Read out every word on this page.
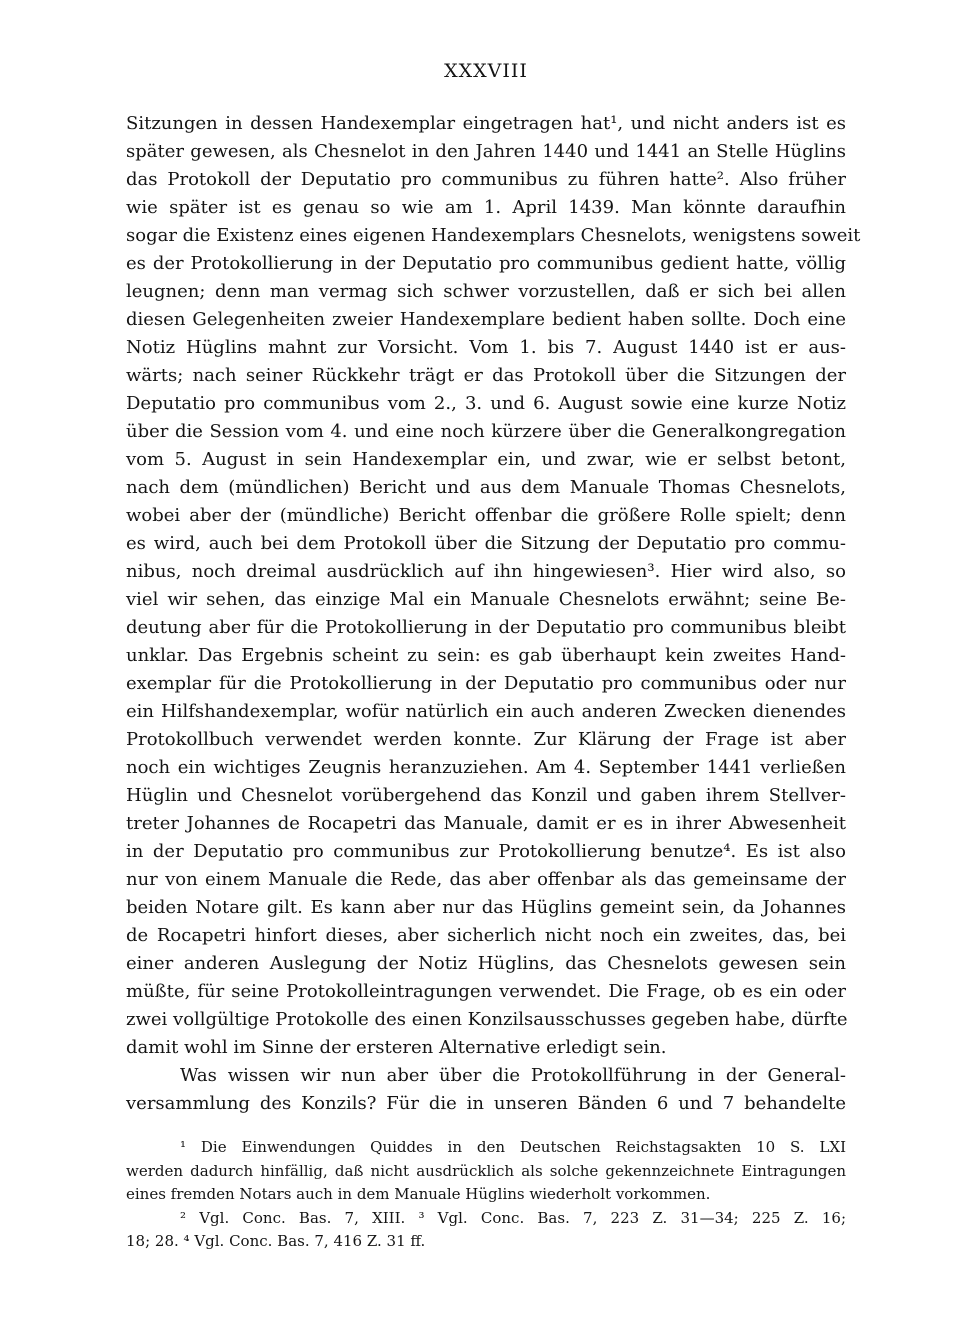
XXXVIII
Sitzungen in dessen Handexemplar eingetragen hat¹, und nicht anders ist es
später gewesen, als Chesnelot in den Jahren 1440 und 1441 an Stelle Hüglins
das Protokoll der Deputatio pro communibus zu führen hatte². Also früher
wie später ist es genau so wie am 1. April 1439. Man könnte daraufhin
sogar die Existenz eines eigenen Handexemplars Chesnelots, wenigstens soweit
es der Protokollierung in der Deputatio pro communibus gedient hatte, völlig
leugnen; denn man vermag sich schwer vorzustellen, daß er sich bei allen
diesen Gelegenheiten zweier Handexemplare bedient haben sollte. Doch eine
Notiz Hüglins mahnt zur Vorsicht. Vom 1. bis 7. August 1440 ist er aus-
wärts; nach seiner Rückkehr trägt er das Protokoll über die Sitzungen der
Deputatio pro communibus vom 2., 3. und 6. August sowie eine kurze Notiz
über die Session vom 4. und eine noch kürzere über die Generalkongregation
vom 5. August in sein Handexemplar ein, und zwar, wie er selbst betont,
nach dem (mündlichen) Bericht und aus dem Manuale Thomas Chesnelots,
wobei aber der (mündliche) Bericht offenbar die größere Rolle spielt; denn
es wird, auch bei dem Protokoll über die Sitzung der Deputatio pro commu-
nibus, noch dreimal ausdrücklich auf ihn hingewiesen³. Hier wird also, so
viel wir sehen, das einzige Mal ein Manuale Chesnelots erwähnt; seine Be-
deutung aber für die Protokollierung in der Deputatio pro communibus bleibt
unklar. Das Ergebnis scheint zu sein: es gab überhaupt kein zweites Hand-
exemplar für die Protokollierung in der Deputatio pro communibus oder nur
ein Hilfshandexemplar, wofür natürlich ein auch anderen Zwecken dienendes
Protokollbuch verwendet werden konnte. Zur Klärung der Frage ist aber
noch ein wichtiges Zeugnis heranzuziehen. Am 4. September 1441 verließen
Hüglin und Chesnelot vorübergehend das Konzil und gaben ihrem Stellver-
treter Johannes de Rocapetri das Manuale, damit er es in ihrer Abwesenheit
in der Deputatio pro communibus zur Protokollierung benutze⁴. Es ist also
nur von einem Manuale die Rede, das aber offenbar als das gemeinsame der
beiden Notare gilt. Es kann aber nur das Hüglins gemeint sein, da Johannes
de Rocapetri hinfort dieses, aber sicherlich nicht noch ein zweites, das, bei
einer anderen Auslegung der Notiz Hüglins, das Chesnelots gewesen sein
müßte, für seine Protokolleintragungen verwendet. Die Frage, ob es ein oder
zwei vollgültige Protokolle des einen Konzilsausschusses gegeben habe, dürfte
damit wohl im Sinne der ersteren Alternative erledigt sein.
Was wissen wir nun aber über die Protokollführung in der General-
versammlung des Konzils? Für die in unseren Bänden 6 und 7 behandelte
¹ Die Einwendungen Quiddes in den Deutschen Reichstagsakten 10 S. LXI
werden dadurch hinfällig, daß nicht ausdrücklich als solche gekennzeichnete Eintragungen
eines fremden Notars auch in dem Manuale Hüglins wiederholt vorkommen.
² Vgl. Conc. Bas. 7, XIII. ³ Vgl. Conc. Bas. 7, 223 Z. 31—34; 225 Z. 16;
18; 28. ⁴ Vgl. Conc. Bas. 7, 416 Z. 31 ff.
